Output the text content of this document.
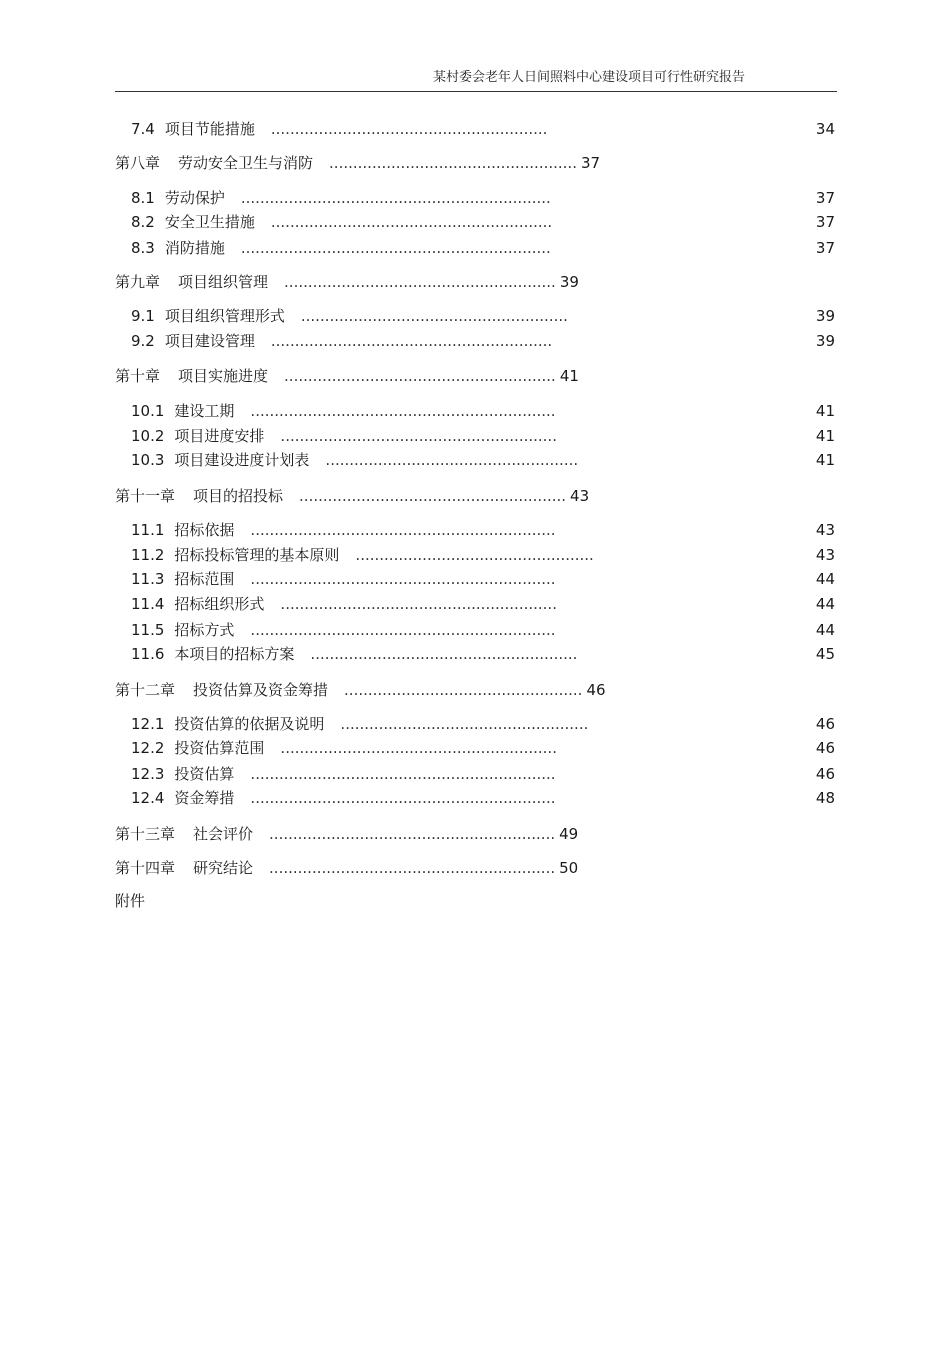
某村委会老年人日间照料中心建设项目可行性研究报告
7.4 项目节能措施 ..........................................................	34
第八章 劳动安全卫生与消防 .................................................... 37
8.1 劳动保护 .................................................................	37
8.2 安全卫生措施 ...........................................................	37
8.3 消防措施 .................................................................	37
第九章 项目组织管理 ......................................................... 39
9.1 项目组织管理形式 ........................................................	39
9.2 项目建设管理 ...........................................................	39
第十章 项目实施进度 ......................................................... 41
10.1 建设工期 ................................................................	41
10.2 项目进度安排 ..........................................................	41
10.3 项目建设进度计划表 .....................................................	41
第十一章 项目的招投标 ........................................................ 43
11.1 招标依据 ................................................................	43
11.2 招标投标管理的基本原则 ..................................................	43
11.3 招标范围 ................................................................	44
11.4 招标组织形式 ..........................................................	44
11.5 招标方式 ................................................................	44
11.6 本项目的招标方案 ........................................................	45
第十二章 投资估算及资金筹措 .................................................. 46
12.1 投资估算的依据及说明 ....................................................	46
12.2 投资估算范围 ..........................................................	46
12.3 投资估算 ................................................................	46
12.4 资金筹措 ................................................................	48
第十三章 社会评价 ............................................................ 49
第十四章 研究结论 ............................................................ 50
附件
